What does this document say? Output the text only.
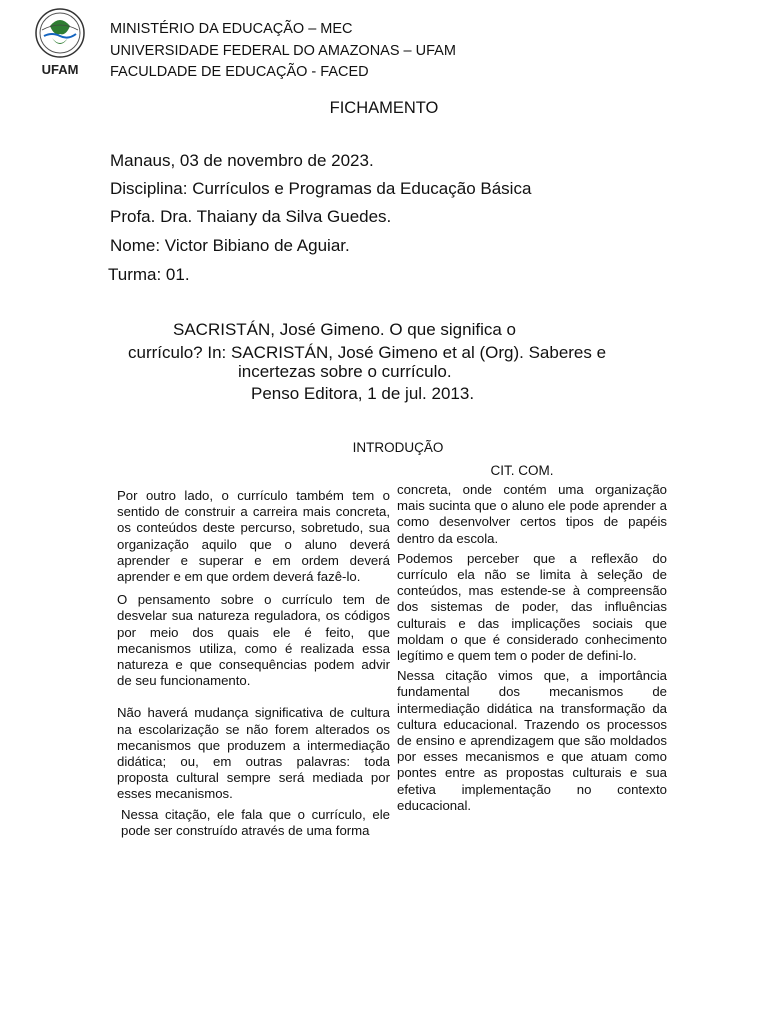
UFAM
MINISTÉRIO DA EDUCAÇÃO – MEC
UNIVERSIDADE FEDERAL DO AMAZONAS – UFAM
FACULDADE DE EDUCAÇÃO - FACED
FICHAMENTO
Manaus, 03 de novembro de 2023.
Disciplina: Currículos e Programas da Educação Básica
Profa. Dra. Thaiany da Silva Guedes.
Nome: Victor Bibiano de Aguiar.
Turma: 01.
SACRISTÁN, José Gimeno. O que significa o
currículo? In: SACRISTÁN, José Gimeno et al (Org). Saberes e
incertezas sobre o currículo.
Penso Editora, 1 de jul. 2013.
INTRODUÇÃO
CIT. COM.

Por outro lado, o currículo também tem o sentido de construir a carreira mais concreta, os conteúdos deste percurso, sobretudo, sua organização aquilo que o aluno deverá aprender e superar e em ordem deverá aprender e em que ordem deverá fazê-lo.

O pensamento sobre o currículo tem de desvelar sua natureza reguladora, os códigos por meio dos quais ele é feito, que mecanismos utiliza, como é realizada essa natureza e que consequências podem advir de seu funcionamento.

Não haverá mudança significativa de cultura na escolarização se não forem alterados os mecanismos que produzem a intermediação didática; ou, em outras palavras: toda proposta cultural sempre será mediada por esses mecanismos.

Nessa citação, ele fala que o currículo, ele pode ser construído através de uma forma

concreta, onde contém uma organização mais sucinta que o aluno ele pode aprender a como desenvolver certos tipos de papéis dentro da escola.

Podemos perceber que a reflexão do currículo ela não se limita à seleção de conteúdos, mas estende-se à compreensão dos sistemas de poder, das influências culturais e das implicações sociais que moldam o que é considerado conhecimento legítimo e quem tem o poder de defini-lo.

Nessa citação vimos que, a importância fundamental dos mecanismos de intermediação didática na transformação da cultura educacional. Trazendo os processos de ensino e aprendizagem que são moldados por esses mecanismos e que atuam como pontes entre as propostas culturais e sua efetiva implementação no contexto educacional.
